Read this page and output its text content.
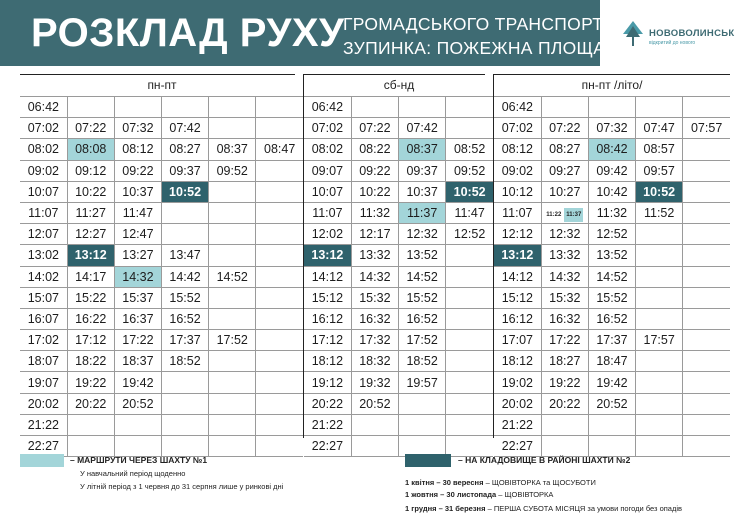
РОЗКЛАД РУХУ
ГРОМАДСЬКОГО ТРАНСПОРТУ
ЗУПИНКА: ПОЖЕЖНА ПЛОЩА
НОВОВОЛИНСЬК
відкритий до нового
пн-пт	сб-нд	пн-пт /літо/
06:42					
07:02	07:22	07:32	07:42		
08:02	08:08	08:12	08:27	08:37	08:47
09:02	09:12	09:22	09:37	09:52	
10:07	10:22	10:37	10:52		
11:07	11:27	11:47			
12:07	12:27	12:47			
13:02	13:12	13:27	13:47		
14:02	14:17	14:32	14:42	14:52	
15:07	15:22	15:37	15:52		
16:07	16:22	16:37	16:52		
17:02	17:12	17:22	17:37	17:52	
18:07	18:22	18:37	18:52		
19:07	19:22	19:42			
20:02	20:22	20:52			
21:22					
22:27					
06:42			
07:02	07:22	07:42	
08:02	08:22	08:37	08:52
09:07	09:22	09:37	09:52
10:07	10:22	10:37	10:52
11:07	11:32	11:37	11:47
12:02	12:17	12:32	12:52
13:12	13:32	13:52	
14:12	14:32	14:52	
15:12	15:32	15:52	
16:12	16:32	16:52	
17:12	17:32	17:52	
18:12	18:32	18:52	
19:12	19:32	19:57	
20:22	20:52		
21:22			
22:27			
06:42				
07:02	07:22	07:32	07:47	07:57
08:12	08:27	08:42	08:57	
09:02	09:27	09:42	09:57	
10:12	10:27	10:42	10:52	
11:07	11:22 11:37	11:32	11:52	
12:12	12:32	12:52		
13:12	13:32	13:52		
14:12	14:32	14:52		
15:12	15:32	15:52		
16:12	16:32	16:52		
17:07	17:22	17:37	17:57	
18:12	18:27	18:47		
19:02	19:22	19:42		
20:02	20:22	20:52		
21:22				
22:27				
– МАРШРУТИ ЧЕРЕЗ ШАХТУ №1
У навчальний період щоденно
У літній період з 1 червня до 31 серпня лише у ринкові дні
– НА КЛАДОВИЩЕ В РАЙОНІ ШАХТИ №2
1 квітня – 30 вересня – ЩОВІВТОРКА та ЩОСУБОТИ
1 жовтня – 30 листопада – ЩОВІВТОРКА
1 грудня – 31 березня – ПЕРША СУБОТА МІСЯЦЯ за умови погоди без опадів
